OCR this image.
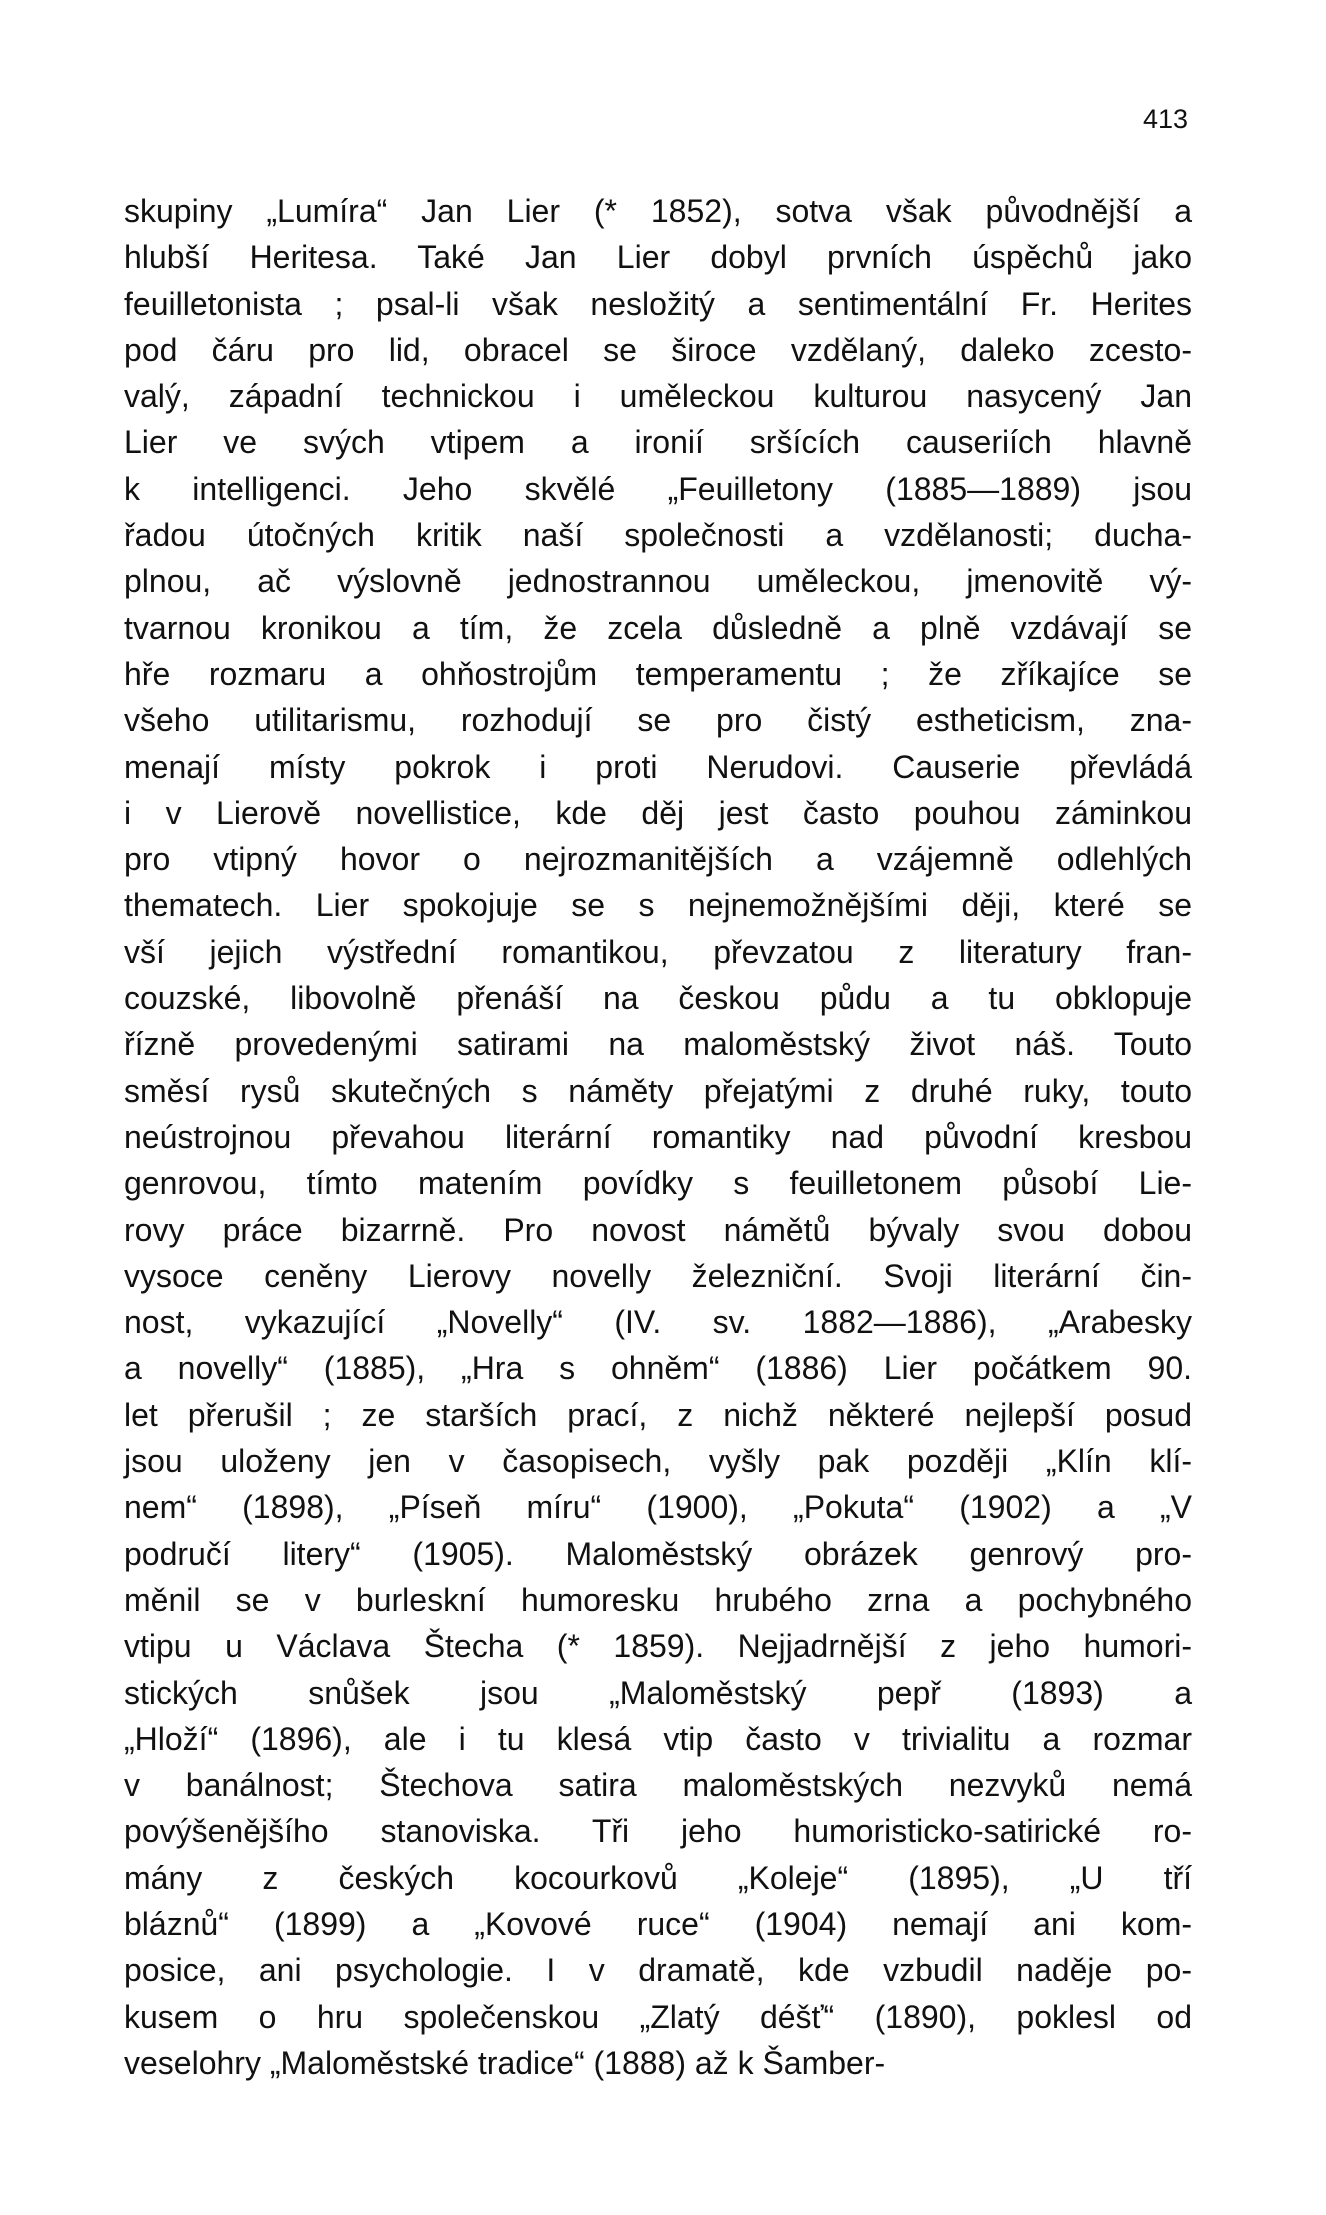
413
skupiny „Lumíra“ Jan Lier (* 1852), sotva však původnější a
hlubší Heritesa. Také Jan Lier dobyl prvních úspěchů jako
feuilletonista ; psal-li však nesložitý a sentimentální Fr. Herites
pod čáru pro lid, obracel se široce vzdělaný, daleko zcesto-
valý, západní technickou i uměleckou kulturou nasycený Jan
Lier ve svých vtipem a ironií sršících causeriích hlavně
k intelligenci. Jeho skvělé „Feuilletony (1885—1889) jsou
řadou útočných kritik naší společnosti a vzdělanosti; ducha-
plnou, ač výslovně jednostrannou uměleckou, jmenovitě vý-
tvarnou kronikou a tím, že zcela důsledně a plně vzdávají se
hře rozmaru a ohňostrojům temperamentu ; že zříkajíce se
všeho utilitarismu, rozhodují se pro čistý estheticism, zna-
menají místy pokrok i proti Nerudovi. Causerie převládá
i v Lierově novellistice, kde děj jest často pouhou záminkou
pro vtipný hovor o nejrozmanitějších a vzájemně odlehlých
thematech. Lier spokojuje se s nejnemožnějšími ději, které se
vší jejich výstřední romantikou, převzatou z literatury fran-
couzské, libovolně přenáší na českou půdu a tu obklopuje
řízně provedenými satirami na maloměstský život náš. Touto
směsí rysů skutečných s náměty přejatými z druhé ruky, touto
neústrojnou převahou literární romantiky nad původní kresbou
genrovou, tímto matením povídky s feuilletonem působí Lie-
rovy práce bizarrně. Pro novost námětů bývaly svou dobou
vysoce ceněny Lierovy novelly železniční. Svoji literární čin-
nost, vykazující „Novelly“ (IV. sv. 1882—1886), „Arabesky
a novelly“ (1885), „Hra s ohněm“ (1886) Lier počátkem 90.
let přerušil ; ze starších prací, z nichž některé nejlepší posud
jsou uloženy jen v časopisech, vyšly pak později „Klín klí-
nem“ (1898), „Píseň míru“ (1900), „Pokuta“ (1902) a „V
područí litery“ (1905). Maloměstský obrázek genrový pro-
měnil se v burleskní humoresku hrubého zrna a pochybného
vtipu u Václava Štecha (* 1859). Nejjadrnější z jeho humori-
stických snůšek jsou „Maloměstský pepř (1893) a
„Hloží“ (1896), ale i tu klesá vtip často v trivialitu a rozmar
v banálnost; Štechova satira maloměstských nezvyků nemá
povýšenějšího stanoviska. Tři jeho humoristicko-satirické ro-
mány z českých kocourkovů „Koleje“ (1895), „U tří
bláznů“ (1899) a „Kovové ruce“ (1904) nemají ani kom-
posice, ani psychologie. I v dramatě, kde vzbudil naděje po-
kusem o hru společenskou „Zlatý déšť“ (1890), poklesl od
veselohry „Maloměstské tradice“ (1888) až k Šamber-
